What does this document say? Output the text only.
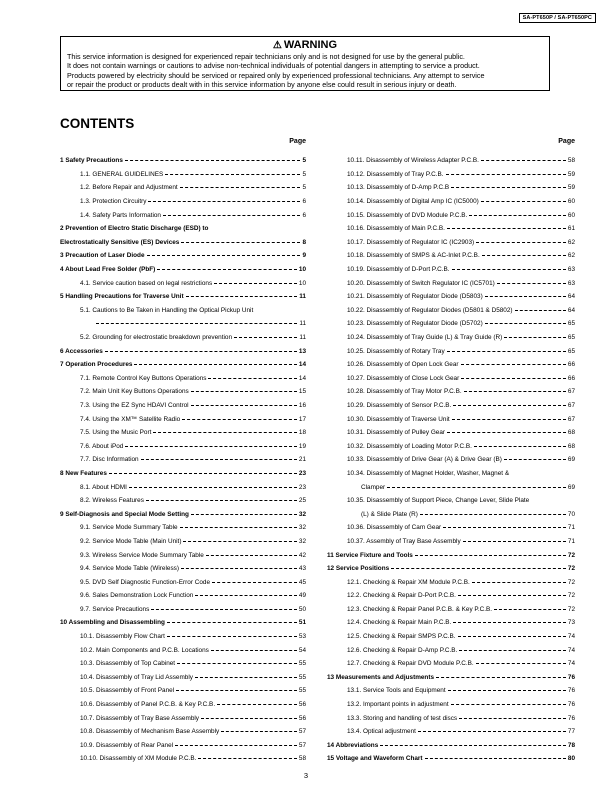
SA-PT650P / SA-PT650PC
⚠ WARNING
This service information is designed for experienced repair technicians only and is not designed for use by the general public.
It does not contain warnings or cautions to advise non-technical individuals of potential dangers in attempting to service a product.
Products powered by electricity should be serviced or repaired only by experienced professional technicians. Any attempt to service
or repair the product or products dealt with in this service information by anyone else could result in serious injury or death.
CONTENTS
Page
1 Safety Precautions	5
1.1. GENERAL GUIDELINES	5
1.2. Before Repair and Adjustment	5
1.3. Protection Circuitry	6
1.4. Safety Parts Information	6
2 Prevention of Electro Static Discharge (ESD) to
Electrostatically Sensitive (ES) Devices	8
3 Precaution of Laser Diode	9
4 About Lead Free Solder (PbF)	10
4.1. Service caution based on legal restrictions	10
5 Handling Precautions for Traverse Unit	11
5.1. Cautions to Be Taken in Handling the Optical Pickup Unit
11
5.2. Grounding for electrostatic breakdown prevention	11
6 Accessories	13
7 Operation Procedures	14
7.1. Remote Control Key Buttons Operations	14
7.2. Main Unit Key Buttons Operations	15
7.3. Using the EZ Sync HDAVI Control	16
7.4. Using the XM™ Satellite Radio	17
7.5. Using the Music Port	18
7.6. About iPod	19
7.7. Disc Information	21
8 New Features	23
8.1. About HDMI	23
8.2. Wireless Features	25
9 Self-Diagnosis and Special Mode Setting	32
9.1. Service Mode Summary Table	32
9.2. Service Mode Table (Main Unit)	32
9.3. Wireless Service Mode Summary Table	42
9.4. Service Mode Table (Wireless)	43
9.5. DVD Self Diagnostic Function-Error Code	45
9.6. Sales Demonstration Lock Function	49
9.7. Service Precautions	50
10 Assembling and Disassembling	51
10.1. Disassembly Flow Chart	53
10.2. Main Components and P.C.B. Locations	54
10.3. Disassembly of Top Cabinet	55
10.4. Disassembly of Tray Lid Assembly	55
10.5. Disassembly of Front Panel	55
10.6. Disassembly of Panel P.C.B. & Key P.C.B.	56
10.7. Disassembly of Tray Base Assembly	56
10.8. Disassembly of Mechanism Base Assembly	57
10.9. Disassembly of Rear Panel	57
10.10. Disassembly of XM Module P.C.B.	58
Page
10.11. Disassembly of Wireless Adapter P.C.B.	58
10.12. Disassembly of Tray P.C.B.	59
10.13. Disassembly of D-Amp P.C.B	59
10.14. Disassembly of Digital Amp IC (IC5000)	60
10.15. Disassembly of DVD Module P.C.B.	60
10.16. Disassembly of Main P.C.B.	61
10.17. Disassembly of Regulator IC (IC2903)	62
10.18. Disassembly of SMPS & AC-Inlet P.C.B.	62
10.19. Disassembly of D-Port P.C.B.	63
10.20. Disassembly of Switch Regulator IC (IC5701)	63
10.21. Disassembly of Regulator Diode (D5803)	64
10.22. Disassembly of Regulator Diodes (D5801 & D5802)	64
10.23. Disassembly of Regulator Diode (D5702)	65
10.24. Disassembly of Tray Guide (L) & Tray Guide (R)	65
10.25. Disassembly of Rotary Tray	65
10.26. Disassembly of Open Lock Gear	66
10.27. Disassembly of Close Lock Gear	66
10.28. Disassembly of Tray Motor P.C.B.	67
10.29. Disassembly of Sensor P.C.B.	67
10.30. Disassembly of Traverse Unit	67
10.31. Disassembly of Pulley Gear	68
10.32. Disassembly of Loading Motor P.C.B.	68
10.33. Disassembly of Drive Gear (A) & Drive Gear (B)	69
10.34. Disassembly of Magnet Holder, Washer, Magnet &
Clamper	69
10.35. Disassembly of Support Piece, Change Lever, Slide Plate
(L) & Slide Plate (R)	70
10.36. Disassembly of Cam Gear	71
10.37. Assembly of Tray Base Assembly	71
11 Service Fixture and Tools	72
12 Service Positions	72
12.1. Checking & Repair XM Module P.C.B.	72
12.2. Checking & Repair D-Port P.C.B.	72
12.3. Checking & Repair Panel P.C.B. & Key P.C.B.	72
12.4. Checking & Repair Main P.C.B.	73
12.5. Checking & Repair SMPS P.C.B.	74
12.6. Checking & Repair D-Amp P.C.B.	74
12.7. Checking & Repair DVD Module P.C.B.	74
13 Measurements and Adjustments	76
13.1. Service Tools and Equipment	76
13.2. Important points in adjustment	76
13.3. Storing and handling of test discs	76
13.4. Optical adjustment	77
14 Abbreviations	78
15 Voltage and Waveform Chart	80
3
